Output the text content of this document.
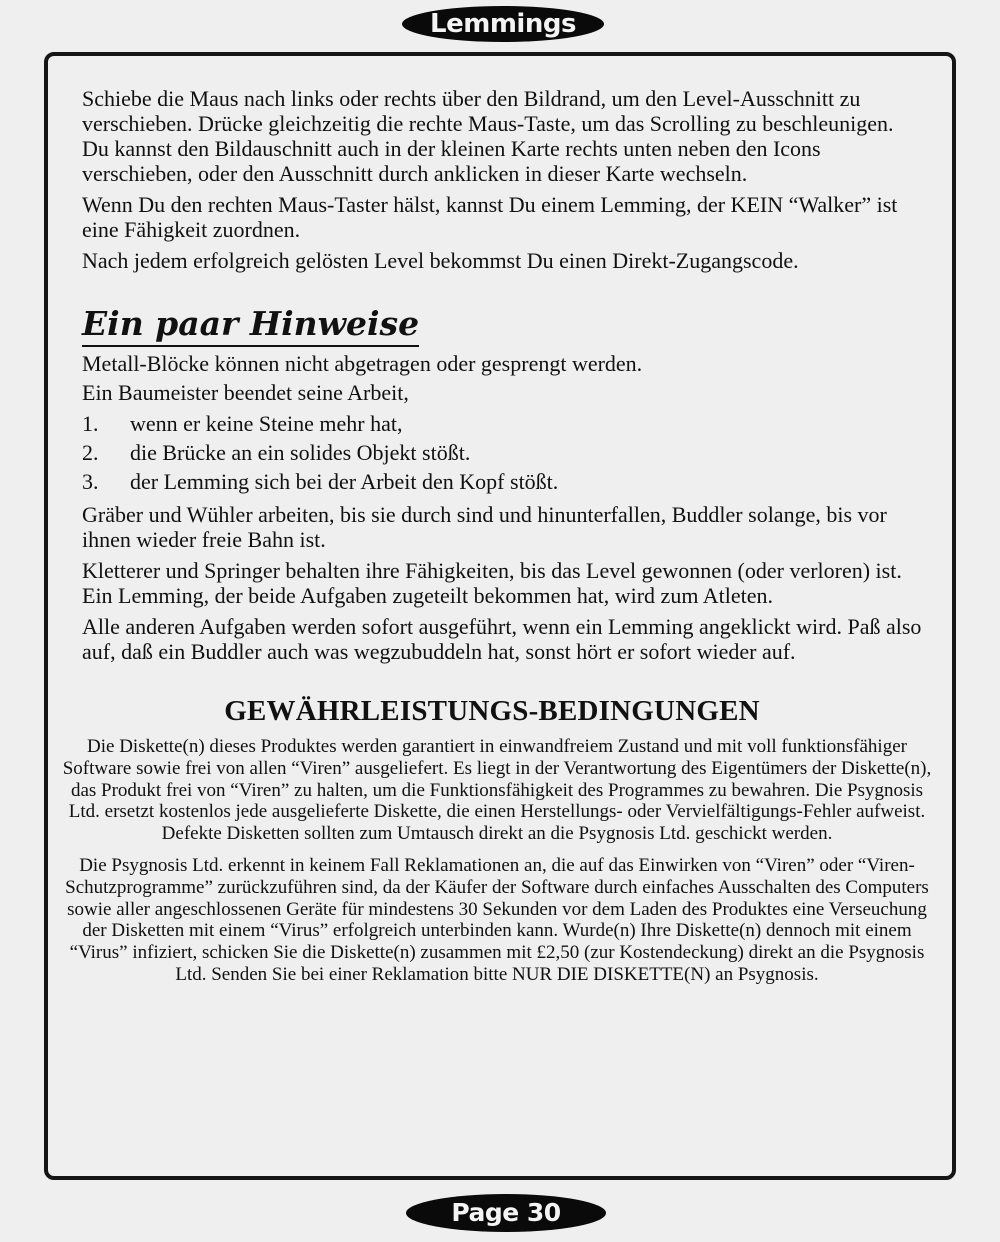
Lemmings

Schiebe die Maus nach links oder rechts über den Bildrand, um den Level-Ausschnitt zu verschieben. Drücke gleichzeitig die rechte Maus-Taste, um das Scrolling zu beschleunigen. Du kannst den Bildauschnitt auch in der kleinen Karte rechts unten neben den Icons verschieben, oder den Ausschnitt durch anklicken in dieser Karte wechseln.

Wenn Du den rechten Maus-Taster hälst, kannst Du einem Lemming, der KEIN “Walker” ist eine Fähigkeit zuordnen.

Nach jedem erfolgreich gelösten Level bekommst Du einen Direkt-Zugangscode.

Ein paar Hinweise

Metall-Blöcke können nicht abgetragen oder gesprengt werden.

Ein Baumeister beendet seine Arbeit,

1.	wenn er keine Steine mehr hat,
2.	die Brücke an ein solides Objekt stößt.
3.	der Lemming sich bei der Arbeit den Kopf stößt.

Gräber und Wühler arbeiten, bis sie durch sind und hinunterfallen, Buddler solange, bis vor ihnen wieder freie Bahn ist.

Kletterer und Springer behalten ihre Fähigkeiten, bis das Level gewonnen (oder verloren) ist. Ein Lemming, der beide Aufgaben zugeteilt bekommen hat, wird zum Atleten.

Alle anderen Aufgaben werden sofort ausgeführt, wenn ein Lemming angeklickt wird. Paß also auf, daß ein Buddler auch was wegzubuddeln hat, sonst hört er sofort wieder auf.

GEWÄHRLEISTUNGS-BEDINGUNGEN

Die Diskette(n) dieses Produktes werden garantiert in einwandfreiem Zustand und mit voll funktionsfähiger Software sowie frei von allen “Viren” ausgeliefert. Es liegt in der Verantwortung des Eigentümers der Diskette(n), das Produkt frei von “Viren” zu halten, um die Funktionsfähigkeit des Programmes zu bewahren. Die Psygnosis Ltd. ersetzt kostenlos jede ausgelieferte Diskette, die einen Herstellungs- oder Vervielfältigungs-Fehler aufweist. Defekte Disketten sollten zum Umtausch direkt an die Psygnosis Ltd. geschickt werden.

Die Psygnosis Ltd. erkennt in keinem Fall Reklamationen an, die auf das Einwirken von “Viren” oder “Viren-Schutzprogramme” zurückzuführen sind, da der Käufer der Software durch einfaches Ausschalten des Computers sowie aller angeschlossenen Geräte für mindestens 30 Sekunden vor dem Laden des Produktes eine Verseuchung der Disketten mit einem “Virus” erfolgreich unterbinden kann. Wurde(n) Ihre Diskette(n) dennoch mit einem “Virus” infiziert, schicken Sie die Diskette(n) zusammen mit £2,50 (zur Kostendeckung) direkt an die Psygnosis Ltd. Senden Sie bei einer Reklamation bitte NUR DIE DISKETTE(N) an Psygnosis.

Page 30
